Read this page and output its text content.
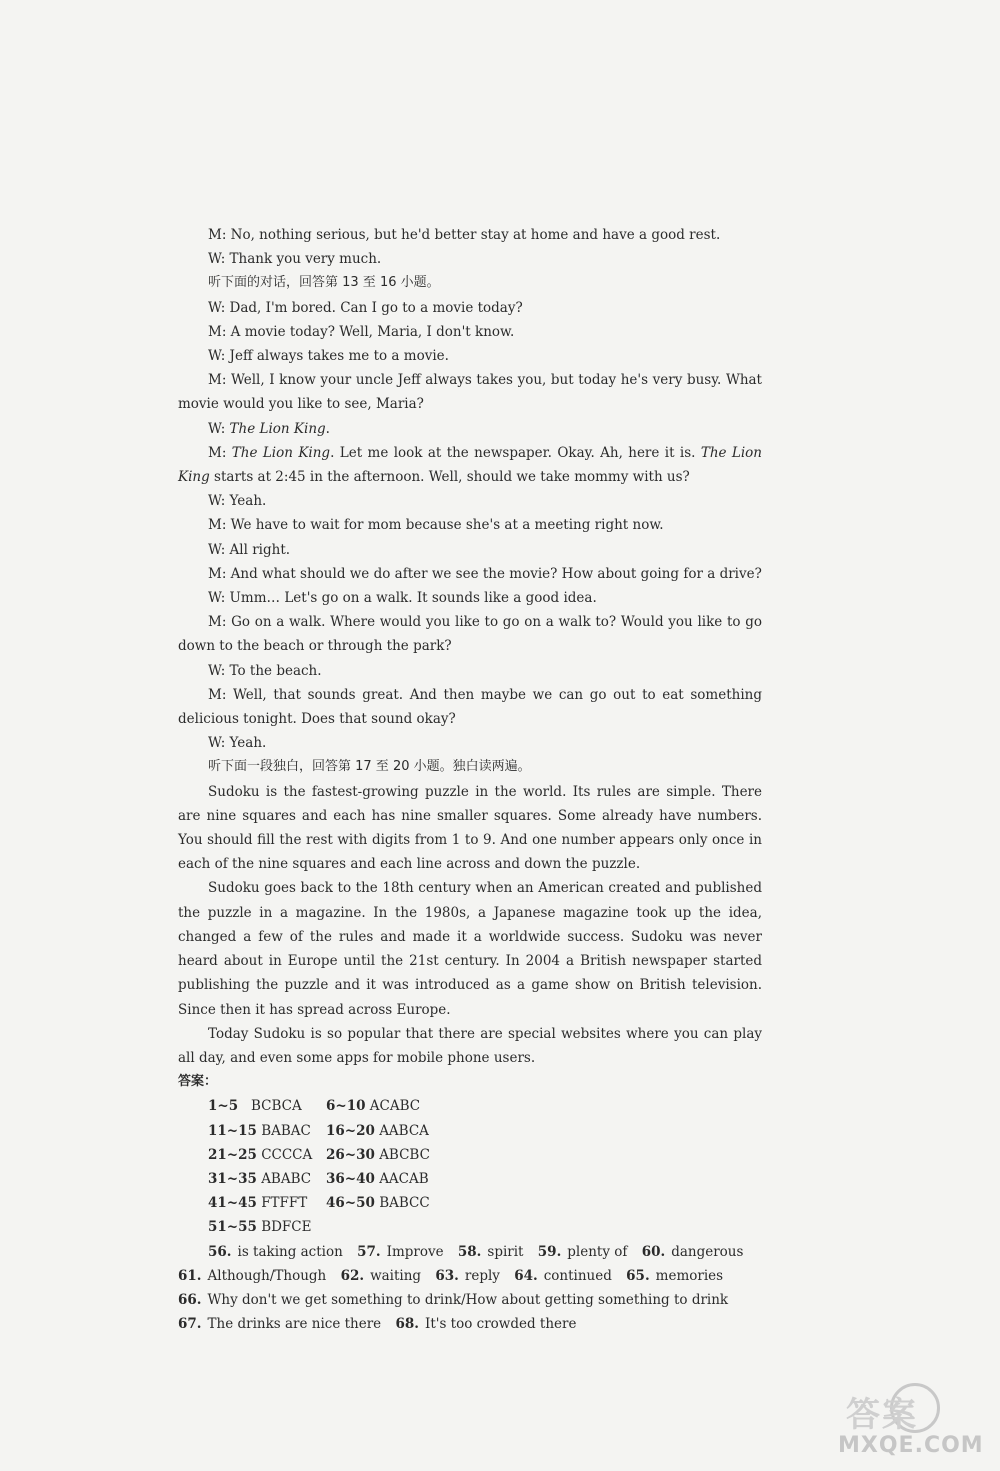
M: No, nothing serious, but he'd better stay at home and have a good rest.

W: Thank you very much.

听下面的对话，回答第 13 至 16 小题。

W: Dad, I'm bored. Can I go to a movie today?

M: A movie today? Well, Maria, I don't know.

W: Jeff always takes me to a movie.

M: Well, I know your uncle Jeff always takes you, but today he's very busy. What movie would you like to see, Maria?

W: The Lion King.

M: The Lion King. Let me look at the newspaper. Okay. Ah, here it is. The Lion King starts at 2:45 in the afternoon. Well, should we take mommy with us?

W: Yeah.

M: We have to wait for mom because she's at a meeting right now.

W: All right.

M: And what should we do after we see the movie? How about going for a drive?

W: Umm… Let's go on a walk. It sounds like a good idea.

M: Go on a walk. Where would you like to go on a walk to? Would you like to go down to the beach or through the park?

W: To the beach.

M: Well, that sounds great. And then maybe we can go out to eat something delicious tonight. Does that sound okay?

W: Yeah.

听下面一段独白，回答第 17 至 20 小题。独白读两遍。

Sudoku is the fastest-growing puzzle in the world. Its rules are simple. There are nine squares and each has nine smaller squares. Some already have numbers. You should fill the rest with digits from 1 to 9. And one number appears only once in each of the nine squares and each line across and down the puzzle.

Sudoku goes back to the 18th century when an American created and published the puzzle in a magazine. In the 1980s, a Japanese magazine took up the idea, changed a few of the rules and made it a worldwide success. Sudoku was never heard about in Europe until the 21st century. In 2004 a British newspaper started publishing the puzzle and it was introduced as a game show on British television. Since then it has spread across Europe.

Today Sudoku is so popular that there are special websites where you can play all day, and even some apps for mobile phone users.

答案：

1~5 BCBCA 6~10 ACABC
11~15 BABAC 16~20 AABCA
21~25 CCCCA 26~30 ABCBC
31~35 ABABC 36~40 AACAB
41~45 FTFFT 46~50 BABCC
51~55 BDFCE
56. is taking action 57. Improve 58. spirit 59. plenty of 60. dangerous
61. Although/Though 62. waiting 63. reply 64. continued 65. memories
66. Why don't we get something to drink/How about getting something to drink
67. The drinks are nice there 68. It's too crowded there
答案
MXQE.COM
